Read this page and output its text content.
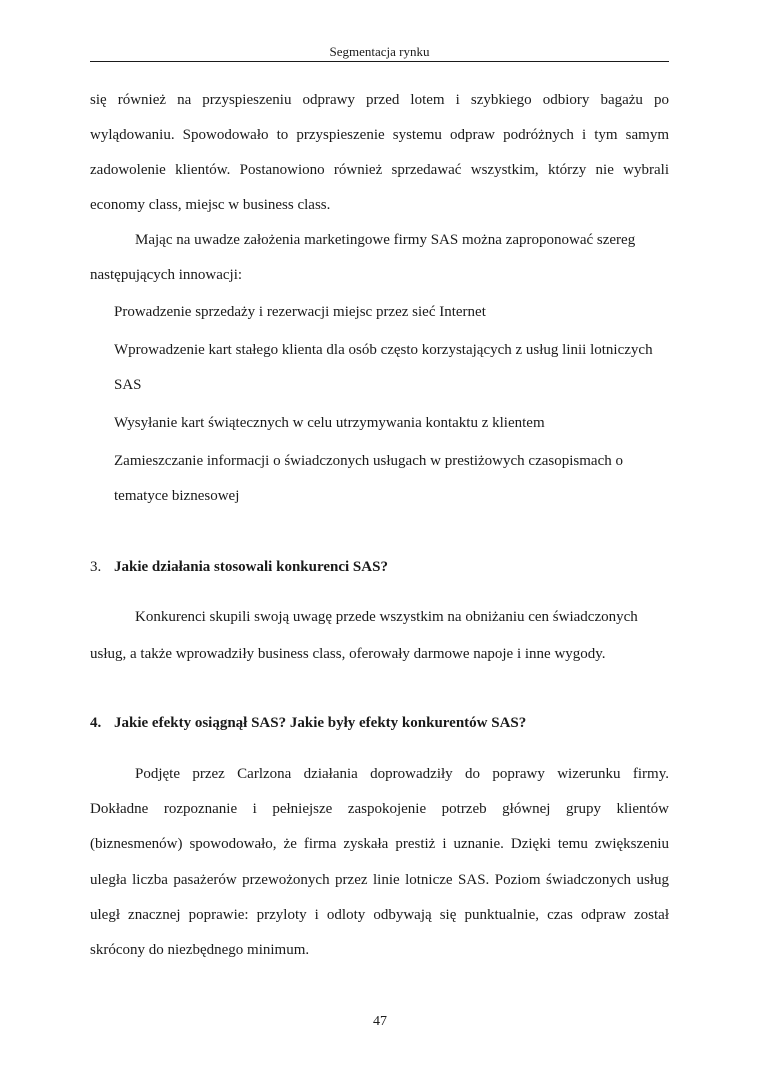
Segmentacja rynku
się również na przyspieszeniu odprawy przed lotem i szybkiego odbiory bagażu po
wylądowaniu. Spowodowało to przyspieszenie systemu odpraw podróżnych i tym samym
zadowolenie klientów. Postanowiono również sprzedawać wszystkim, którzy nie wybrali
economy class, miejsc w business class.
Mając na uwadze założenia marketingowe firmy SAS można zaproponować szereg
następujących innowacji:
Prowadzenie sprzedaży i rezerwacji miejsc przez sieć Internet
Wprowadzenie kart stałego klienta dla osób często korzystających z usług linii lotniczych
SAS
Wysyłanie kart świątecznych w celu utrzymywania kontaktu z klientem
Zamieszczanie informacji o świadczonych usługach w prestiżowych czasopismach o
tematyce biznesowej
3. Jakie działania stosowali konkurenci SAS?
Konkurenci skupili swoją uwagę przede wszystkim na obniżaniu cen świadczonych
usług, a także wprowadziły business class, oferowały darmowe napoje i inne wygody.
4. Jakie efekty osiągnął SAS? Jakie były efekty konkurentów SAS?
Podjęte przez Carlzona działania doprowadziły do poprawy wizerunku firmy.
Dokładne rozpoznanie i pełniejsze zaspokojenie potrzeb głównej grupy klientów
(biznesmenów) spowodowało, że firma zyskała prestiż i uznanie. Dzięki temu zwiększeniu
uległa liczba pasażerów przewożonych przez linie lotnicze SAS. Poziom świadczonych usług
uległ znacznej poprawie: przyloty i odloty odbywają się punktualnie, czas odpraw został
skrócony do niezbędnego minimum.
47
